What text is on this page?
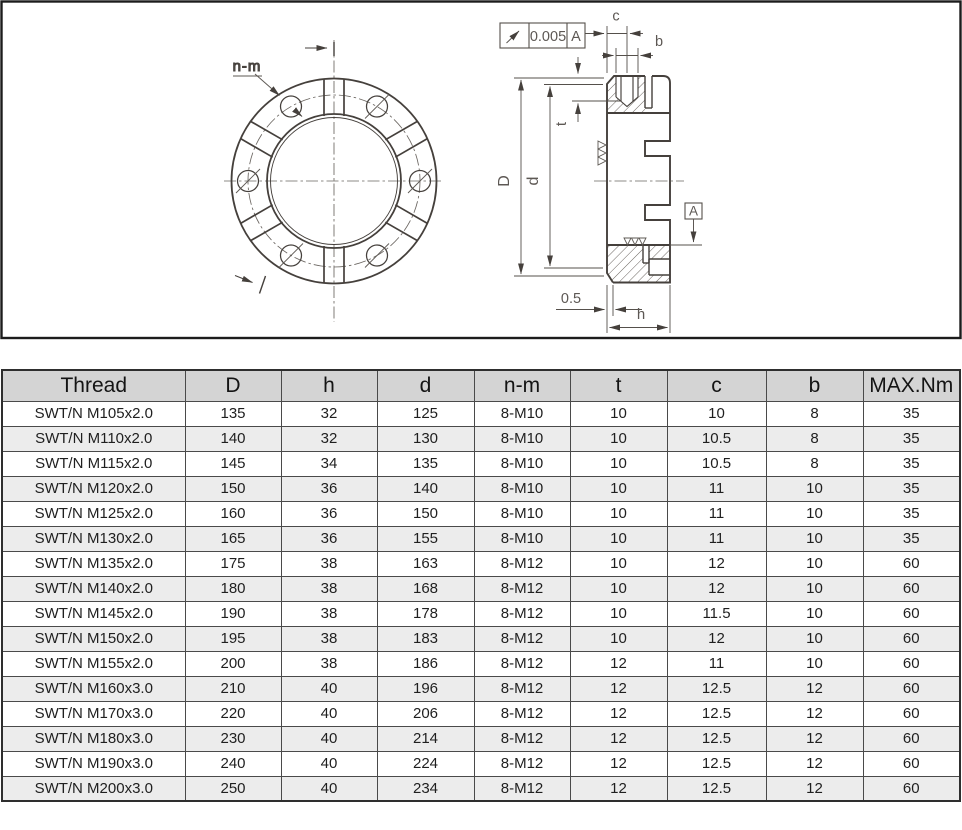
n-m
0.005 A
A
c
b
t
D d
0.5
h
Thread	D	h	d	n-m	t	c	b	MAX.Nm
SWT/N M105x2.0	135	32	125	8-M10	10	10	8	35
SWT/N M110x2.0	140	32	130	8-M10	10	10.5	8	35
SWT/N M115x2.0	145	34	135	8-M10	10	10.5	8	35
SWT/N M120x2.0	150	36	140	8-M10	10	11	10	35
SWT/N M125x2.0	160	36	150	8-M10	10	11	10	35
SWT/N M130x2.0	165	36	155	8-M10	10	11	10	35
SWT/N M135x2.0	175	38	163	8-M12	10	12	10	60
SWT/N M140x2.0	180	38	168	8-M12	10	12	10	60
SWT/N M145x2.0	190	38	178	8-M12	10	11.5	10	60
SWT/N M150x2.0	195	38	183	8-M12	10	12	10	60
SWT/N M155x2.0	200	38	186	8-M12	12	11	10	60
SWT/N M160x3.0	210	40	196	8-M12	12	12.5	12	60
SWT/N M170x3.0	220	40	206	8-M12	12	12.5	12	60
SWT/N M180x3.0	230	40	214	8-M12	12	12.5	12	60
SWT/N M190x3.0	240	40	224	8-M12	12	12.5	12	60
SWT/N M200x3.0	250	40	234	8-M12	12	12.5	12	60
